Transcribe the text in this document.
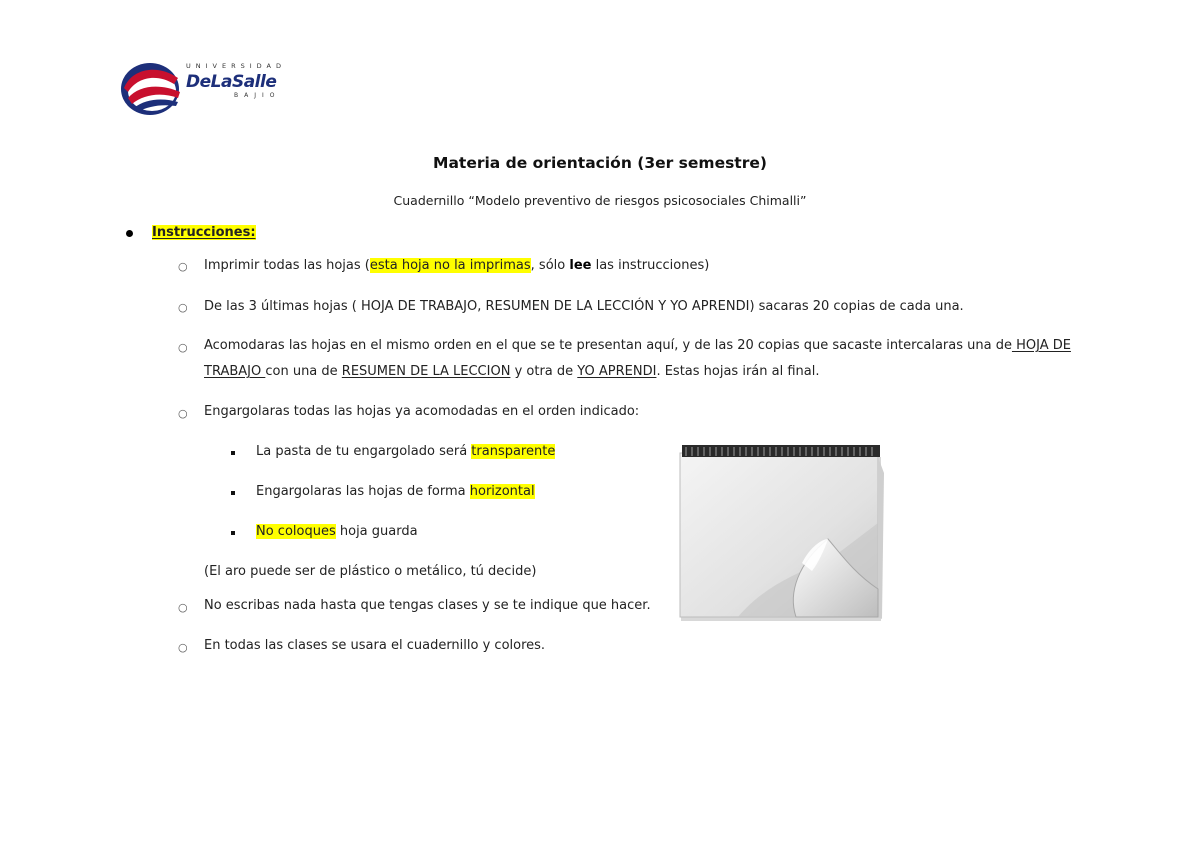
UNIVERSIDAD
DeLaSalle
BAJIO
Materia de orientación (3er semestre)
Cuadernillo “Modelo preventivo de riesgos psicosociales Chimalli”
Instrucciones:
○ Imprimir todas las hojas (esta hoja no la imprimas, sólo lee las instrucciones)
○ De las 3 últimas hojas ( HOJA DE TRABAJO, RESUMEN DE LA LECCIÓN Y YO APRENDI) sacaras 20 copias de cada una.
○ Acomodaras las hojas en el mismo orden en el que se te presentan aquí, y de las 20 copias que sacaste intercalaras una de HOJA DE
TRABAJO con una de RESUMEN DE LA LECCION y otra de YO APRENDI. Estas hojas irán al final.
○ Engargolaras todas las hojas ya acomodadas en el orden indicado:
La pasta de tu engargolado será transparente
Engargolaras las hojas de forma horizontal
No coloques hoja guarda
(El aro puede ser de plástico o metálico, tú decide)
○ No escribas nada hasta que tengas clases y se te indique que hacer.
○ En todas las clases se usara el cuadernillo y colores.
